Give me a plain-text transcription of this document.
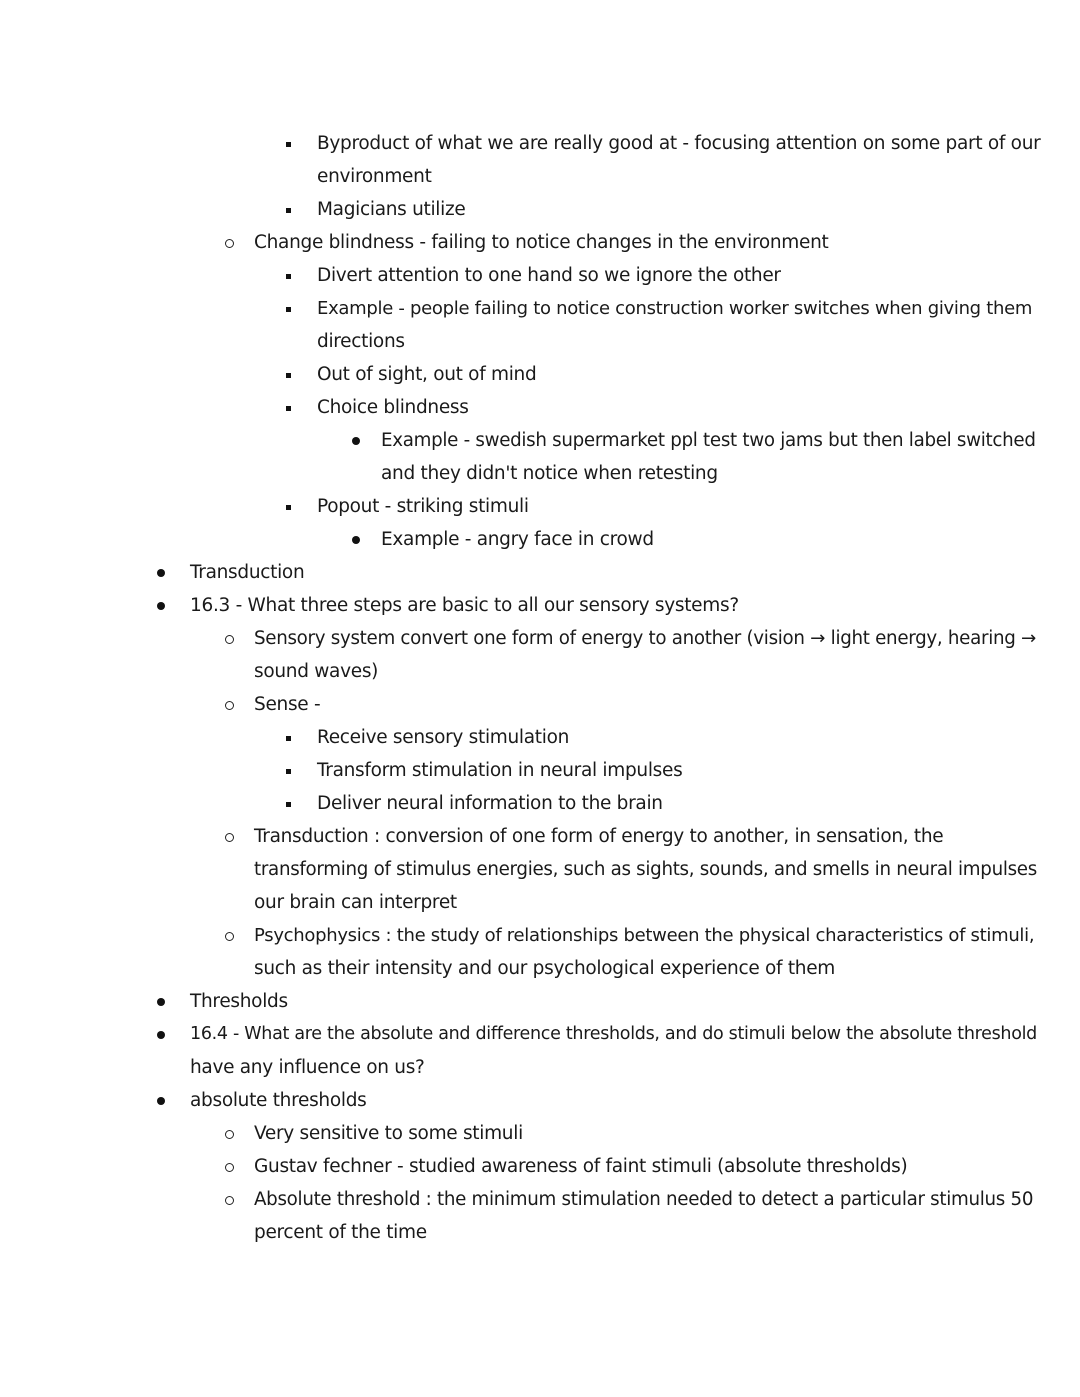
Byproduct of what we are really good at - focusing attention on some part of our
environment
Magicians utilize
Change blindness - failing to notice changes in the environment
Divert attention to one hand so we ignore the other
Example - people failing to notice construction worker switches when giving them
directions
Out of sight, out of mind
Choice blindness
Example - swedish supermarket ppl test two jams but then label switched
and they didn't notice when retesting
Popout - striking stimuli
Example - angry face in crowd
Transduction
16.3 - What three steps are basic to all our sensory systems?
Sensory system convert one form of energy to another (vision → light energy, hearing →
sound waves)
Sense -
Receive sensory stimulation
Transform stimulation in neural impulses
Deliver neural information to the brain
Transduction : conversion of one form of energy to another, in sensation, the
transforming of stimulus energies, such as sights, sounds, and smells in neural impulses
our brain can interpret
Psychophysics : the study of relationships between the physical characteristics of stimuli,
such as their intensity and our psychological experience of them
Thresholds
16.4 - What are the absolute and difference thresholds, and do stimuli below the absolute threshold
have any influence on us?
absolute thresholds
Very sensitive to some stimuli
Gustav fechner - studied awareness of faint stimuli (absolute thresholds)
Absolute threshold : the minimum stimulation needed to detect a particular stimulus 50
percent of the time
